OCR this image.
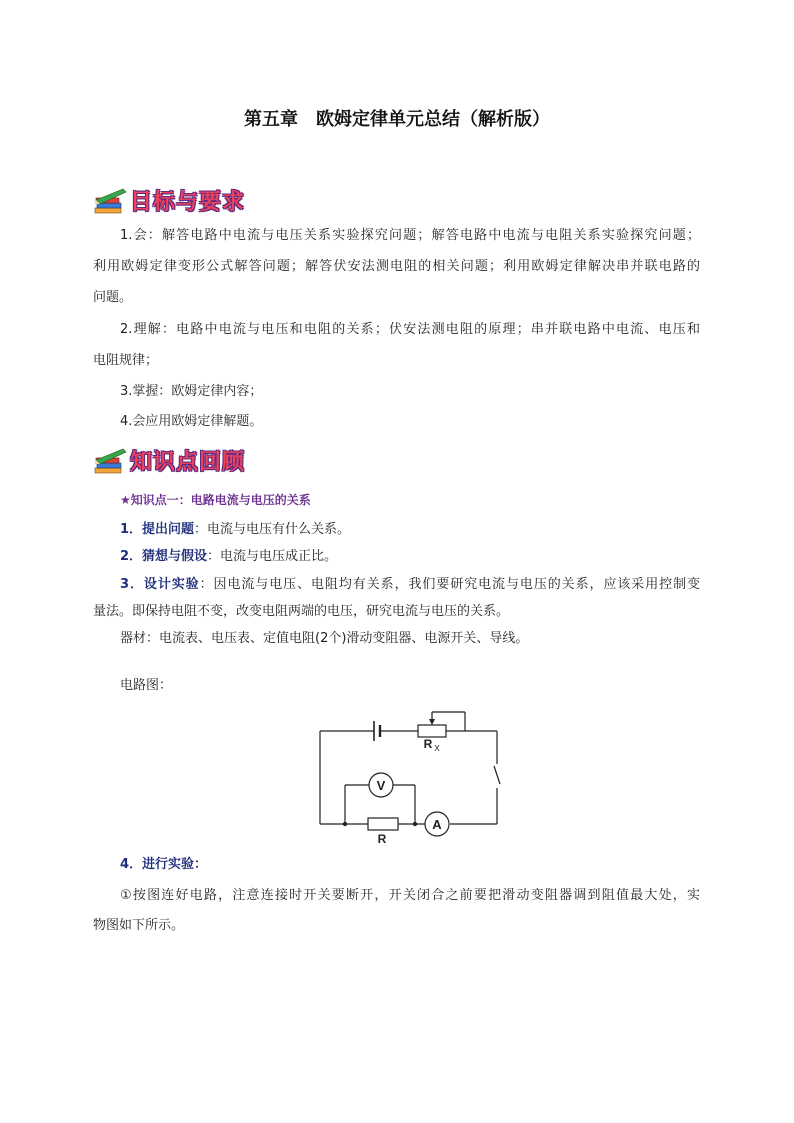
第五章　欧姆定律单元总结（解析版）
目标与要求
1.会：解答电路中电流与电压关系实验探究问题；解答电路中电流与电阻关系实验探究问题；
利用欧姆定律变形公式解答问题；解答伏安法测电阻的相关问题；利用欧姆定律解决串并联电路的
问题。
2.理解：电路中电流与电压和电阻的关系；伏安法测电阻的原理；串并联电路中电流、电压和
电阻规律；
3.掌握：欧姆定律内容；
4.会应用欧姆定律解题。
知识点回顾
★知识点一：电路电流与电压的关系
1．提出问题：电流与电压有什么关系。
2．猜想与假设：电流与电压成正比。
3．设计实验：因电流与电压、电阻均有关系，我们要研究电流与电压的关系，应该采用控制变
量法。即保持电阻不变，改变电阻两端的电压，研究电流与电压的关系。
器材：电流表、电压表、定值电阻(2个)滑动变阻器、电源开关、导线。
电路图：
V
A
R
R X
4．进行实验：
①按图连好电路，注意连接时开关要断开，开关闭合之前要把滑动变阻器调到阻值最大处，实
物图如下所示。
